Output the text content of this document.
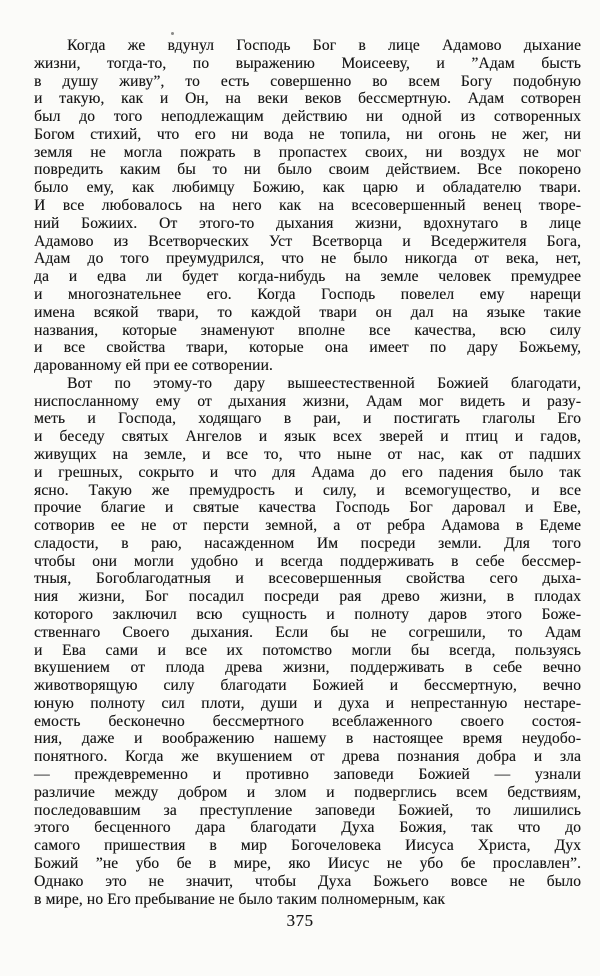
Когда же вдунул Господь Бог в лице Адамово дыхание
жизни, тогда-то, по выражению Моисееву, и ”Адам бысть
в душу живу”, то есть совершенно во всем Богу подобную
и такую, как и Он, на веки веков бессмертную. Адам сотворен
был до того неподлежащим действию ни одной из сотворенных
Богом стихий, что его ни вода не топила, ни огонь не жег, ни
земля не могла пожрать в пропастех своих, ни воздух не мог
повредить каким бы то ни было своим действием. Все покорено
было ему, как любимцу Божию, как царю и обладателю твари.
И все любовалось на него как на всесовершенный венец творе-
ний Божиих. От этого-то дыхания жизни, вдохнутаго в лице
Адамово из Всетворческих Уст Всетворца и Вседержителя Бога,
Адам до того преумудрился, что не было никогда от века, нет,
да и едва ли будет когда-нибудь на земле человек премудрее
и многознательнее его. Когда Господь повелел ему нарещи
имена всякой твари, то каждой твари он дал на языке такие
названия, которые знаменуют вполне все качества, всю силу
и все свойства твари, которые она имеет по дару Божьему,
дарованному ей при ее сотворении.
Вот по этому-то дару вышеестественной Божией благодати,
ниспосланному ему от дыхания жизни, Адам мог видеть и разу-
меть и Господа, ходящаго в раи, и постигать глаголы Его
и беседу святых Ангелов и язык всех зверей и птиц и гадов,
живущих на земле, и все то, что ныне от нас, как от падших
и грешных, сокрыто и что для Адама до его падения было так
ясно. Такую же премудрость и силу, и всемогущество, и все
прочие благие и святые качества Господь Бог даровал и Еве,
сотворив ее не от персти земной, а от ребра Адамова в Едеме
сладости, в раю, насажденном Им посреди земли. Для того
чтобы они могли удобно и всегда поддерживать в себе бессмер-
тныя, Богоблагодатныя и всесовершенныя свойства сего дыха-
ния жизни, Бог посадил посреди рая древо жизни, в плодах
которого заключил всю сущность и полноту даров этого Боже-
ственнаго Своего дыхания. Если бы не согрешили, то Адам
и Ева сами и все их потомство могли бы всегда, пользуясь
вкушением от плода древа жизни, поддерживать в себе вечно
животворящую силу благодати Божией и бессмертную, вечно
юную полноту сил плоти, души и духа и непрестанную нестаре-
емость бесконечно бессмертного всеблаженного своего состоя-
ния, даже и воображению нашему в настоящее время неудобо-
понятного. Когда же вкушением от древа познания добра и зла
— преждевременно и противно заповеди Божией — узнали
различие между добром и злом и подверглись всем бедствиям,
последовавшим за преступление заповеди Божией, то лишились
этого бесценного дара благодати Духа Божия, так что до
самого пришествия в мир Богочеловека Иисуса Христа, Дух
Божий ”не убо бе в мире, яко Иисус не убо бе прославлен”.
Однако это не значит, чтобы Духа Божьего вовсе не было
в мире, но Его пребывание не было таким полномерным, как
375
